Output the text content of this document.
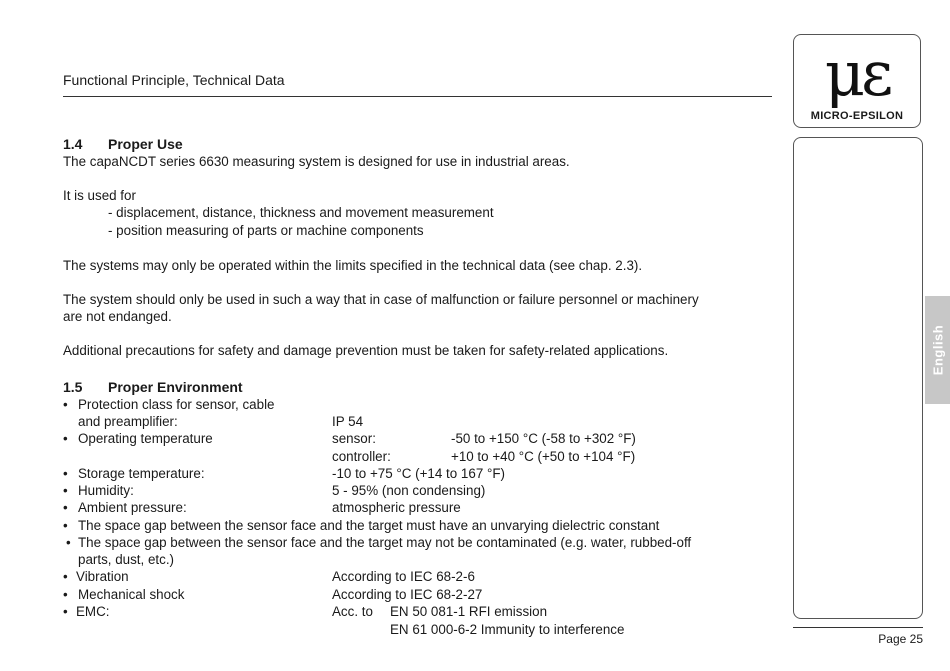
Functional Principle, Technical Data	με
MICRO-EPSILON
English
1.4 Proper Use
The capaNCDT series 6630 measuring system is designed for use in industrial areas.
It is used for
- displacement, distance, thickness and movement measurement
- position measuring of parts or machine components
The systems may only be operated within the limits specified in the technical data (see chap. 2.3).
The system should only be used in such a way that in case of malfunction or failure personnel or machinery
are not endanged.
Additional precautions for safety and damage prevention must be taken for safety-related applications.
1.5 Proper Environment
• Protection class for sensor, cable
and preamplifier:	IP 54
• Operating temperature	sensor:	-50 to +150 °C (-58 to +302 °F)
controller:	+10 to +40 °C (+50 to +104 °F)
• Storage temperature:	-10 to +75 °C (+14 to 167 °F)
• Humidity:	5 - 95% (non condensing)
• Ambient pressure:	atmospheric pressure
• The space gap between the sensor face and the target must have an unvarying dielectric constant
• The space gap between the sensor face and the target may not be contaminated (e.g. water, rubbed-off
parts, dust, etc.)
• Vibration	According to IEC 68-2-6
• Mechanical shock	According to IEC 68-2-27
• EMC:	Acc. to EN 50 081-1 RFI emission
EN 61 000-6-2 Immunity to interference
Page 25
